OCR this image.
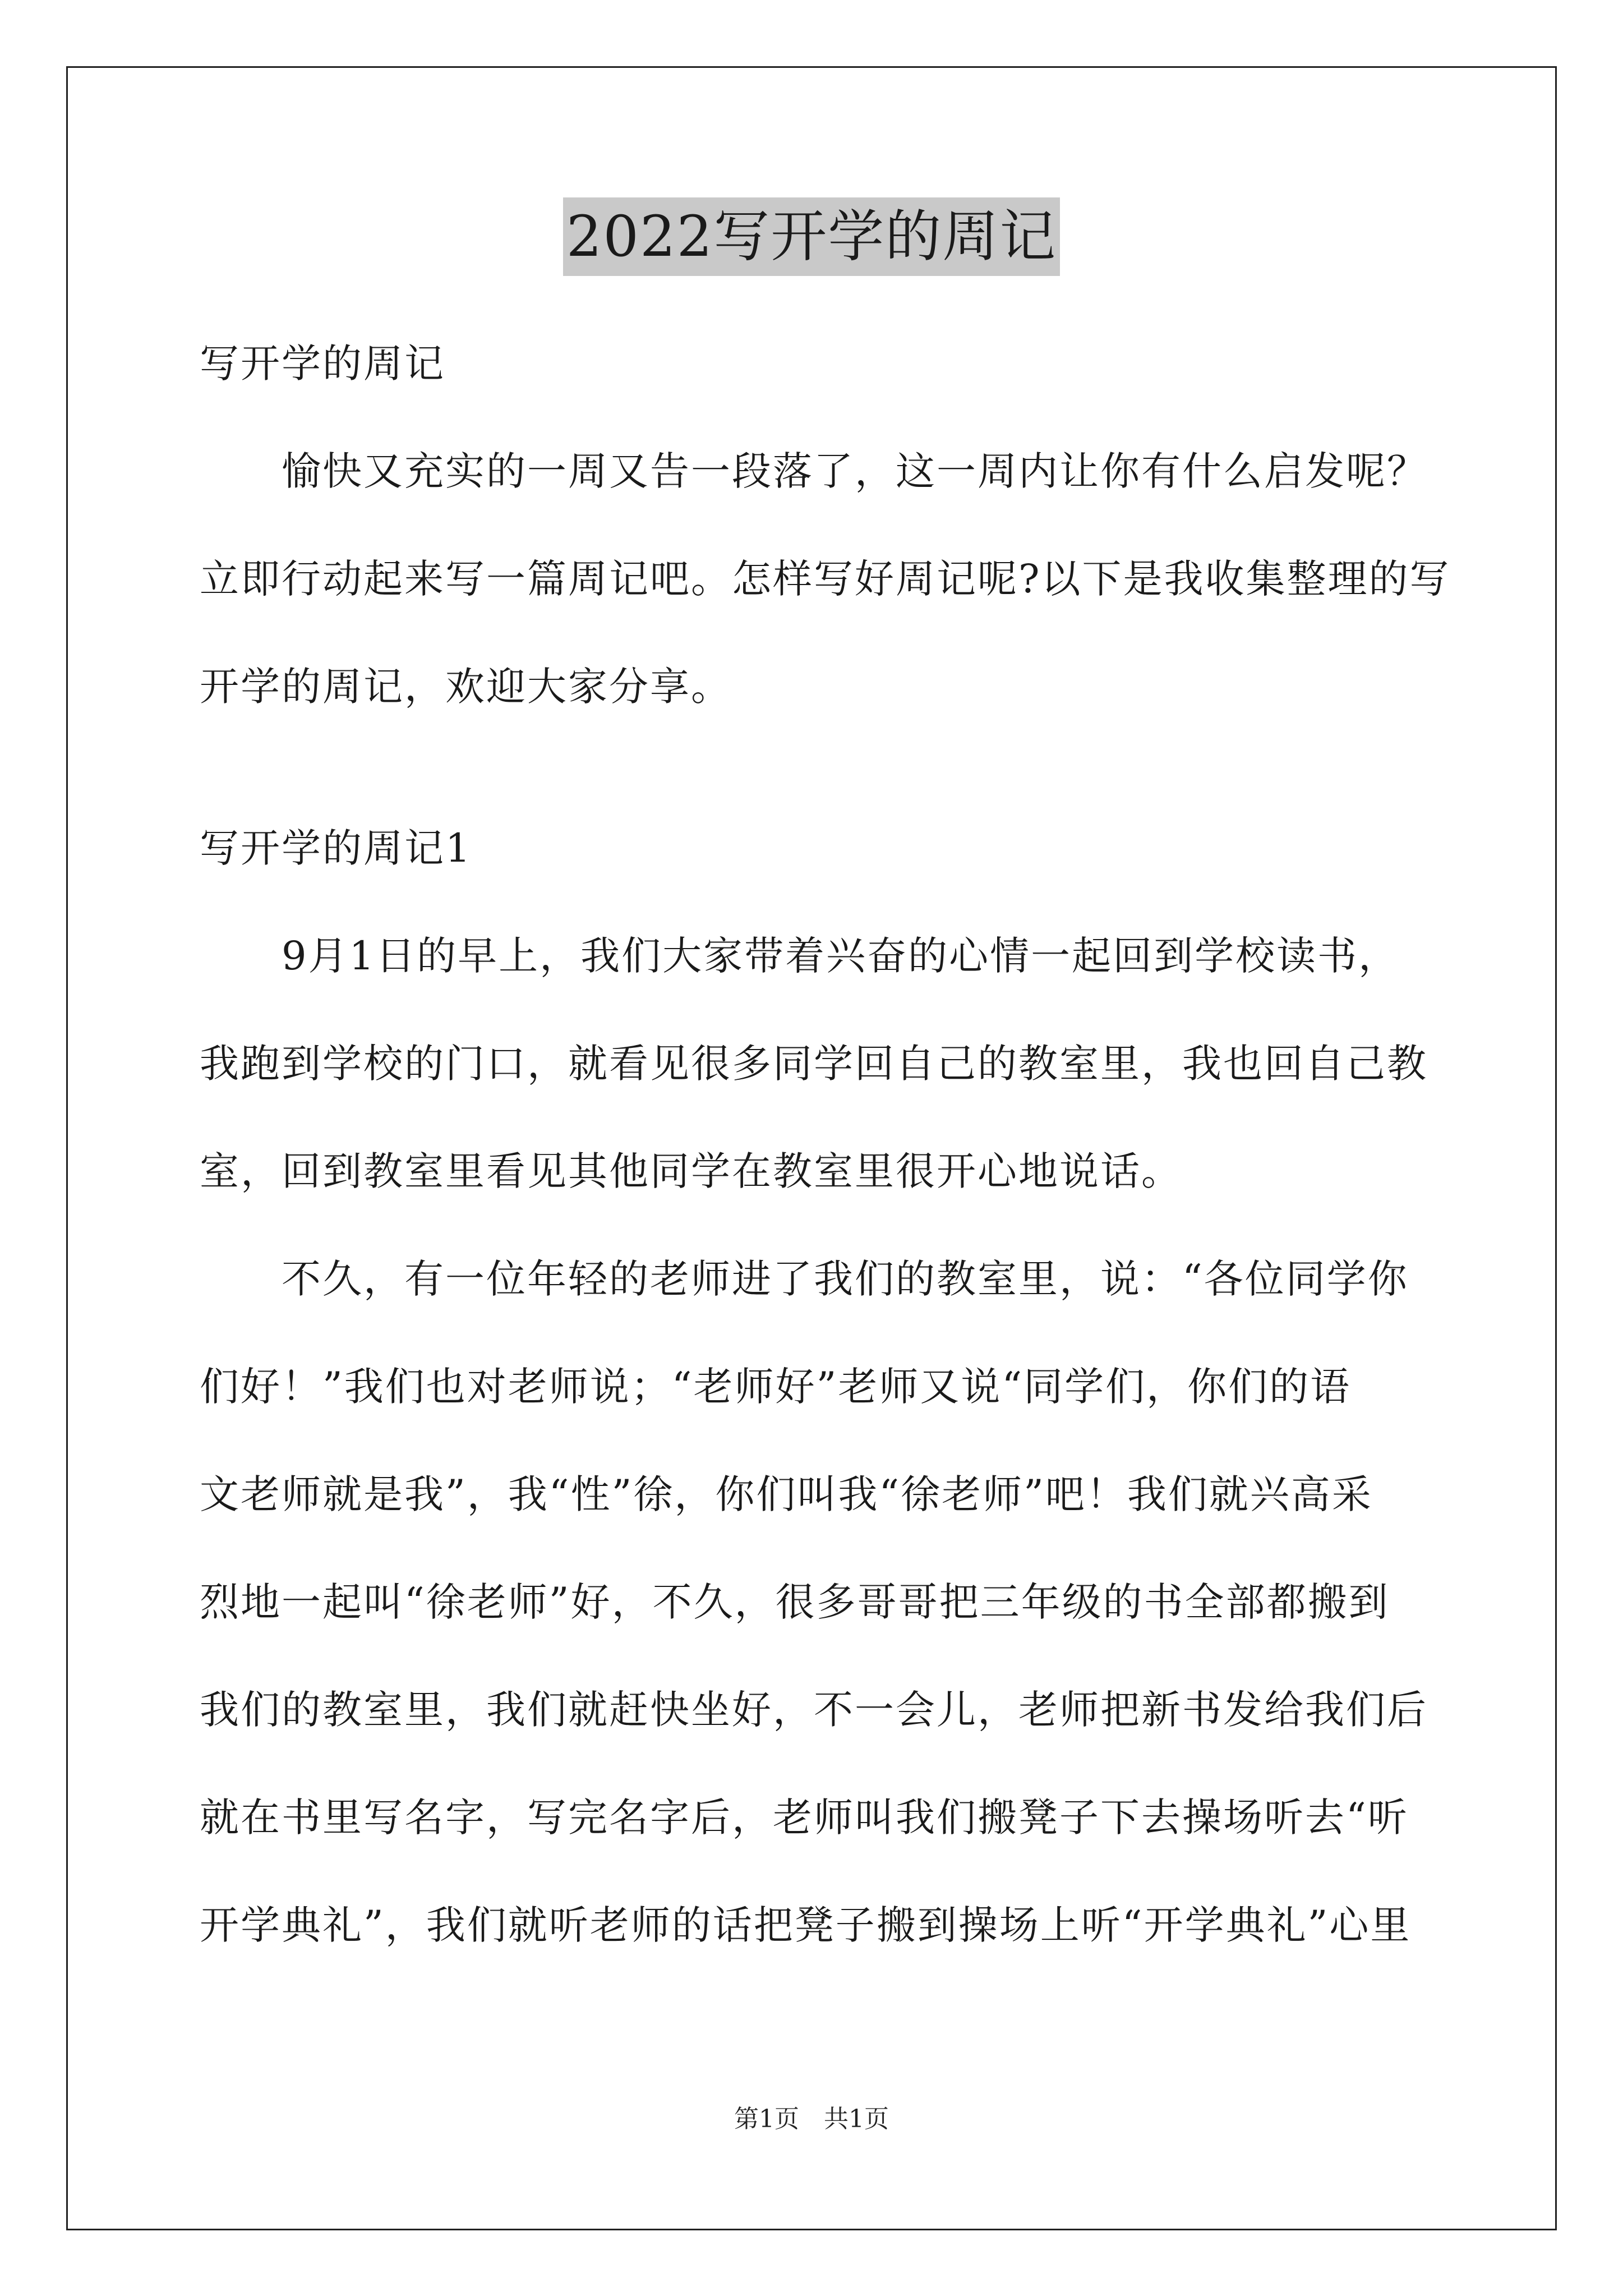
2022写开学的周记
写开学的周记
　　愉快又充实的一周又告一段落了，这一周内让你有什么启发呢？
立即行动起来写一篇周记吧。怎样写好周记呢?以下是我收集整理的写
开学的周记，欢迎大家分享。
写开学的周记1
　　9月1日的早上，我们大家带着兴奋的心情一起回到学校读书，
我跑到学校的门口，就看见很多同学回自己的教室里，我也回自己教
室，回到教室里看见其他同学在教室里很开心地说话。
　　不久，有一位年轻的老师进了我们的教室里，说：“各位同学你
们好！”我们也对老师说；“老师好”老师又说“同学们，你们的语
文老师就是我”，我“性”徐，你们叫我“徐老师”吧！我们就兴高采
烈地一起叫“徐老师”好，不久，很多哥哥把三年级的书全部都搬到
我们的教室里，我们就赶快坐好，不一会儿，老师把新书发给我们后
就在书里写名字，写完名字后，老师叫我们搬凳子下去操场听去“听
开学典礼”，我们就听老师的话把凳子搬到操场上听“开学典礼”心里
第1页　共1页
